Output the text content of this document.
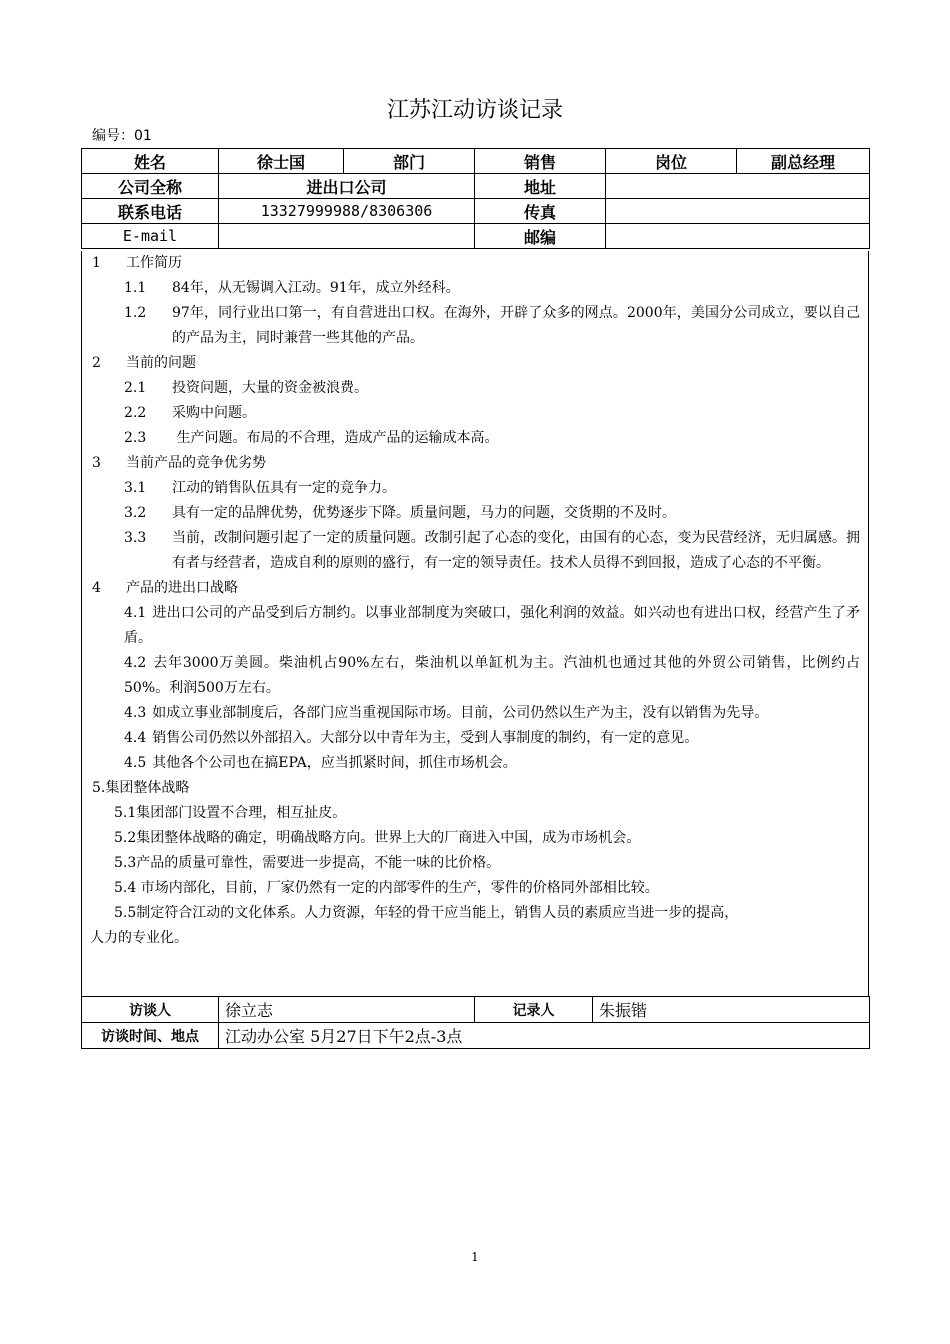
江苏江动访谈记录
编号：01
姓名	徐士国	部门	销售	岗位	副总经理
公司全称	进出口公司		地址		
联系电话	13327999988/8306306		传真		
E-mail			邮编		
1	工作简历
1.1	84年，从无锡调入江动。91年，成立外经科。
1.2	97年，同行业出口第一，有自营进出口权。在海外，开辟了众多的网点。2000年，美国分公司成立，要以自己的产品为主，同时兼营一些其他的产品。
2	当前的问题
2.1	投资问题，大量的资金被浪费。
2.2	采购中问题。
2.3	生产问题。布局的不合理，造成产品的运输成本高。
3	当前产品的竞争优劣势
3.1	江动的销售队伍具有一定的竞争力。
3.2	具有一定的品牌优势，优势逐步下降。质量问题，马力的问题，交货期的不及时。
3.3	当前，改制问题引起了一定的质量问题。改制引起了心态的变化，由国有的心态，变为民营经济，无归属感。拥有者与经营者，造成自利的原则的盛行，有一定的领导责任。技术人员得不到回报，造成了心态的不平衡。
4	产品的进出口战略
4.1 进出口公司的产品受到后方制约。以事业部制度为突破口，强化利润的效益。如兴动也有进出口权，经营产生了矛盾。
4.2 去年3000万美圆。柴油机占90%左右，柴油机以单缸机为主。汽油机也通过其他的外贸公司销售，比例约占50%。利润500万左右。
4.3 如成立事业部制度后，各部门应当重视国际市场。目前，公司仍然以生产为主，没有以销售为先导。
4.4 销售公司仍然以外部招入。大部分以中青年为主，受到人事制度的制约，有一定的意见。
4.5 其他各个公司也在搞EPA，应当抓紧时间，抓住市场机会。
5. 集团整体战略
5.1集团部门设置不合理，相互扯皮。
5.2集团整体战略的确定，明确战略方向。世界上大的厂商进入中国，成为市场机会。
5.3产品的质量可靠性，需要进一步提高，不能一味的比价格。
5.4 市场内部化，目前，厂家仍然有一定的内部零件的生产，零件的价格同外部相比较。
5.5制定符合江动的文化体系。人力资源，年轻的骨干应当能上，销售人员的素质应当进一步的提高，
人力的专业化。
访谈人	徐立志	记录人	朱振锴
访谈时间、地点	江动办公室 5月27日下午2点-3点		
1
